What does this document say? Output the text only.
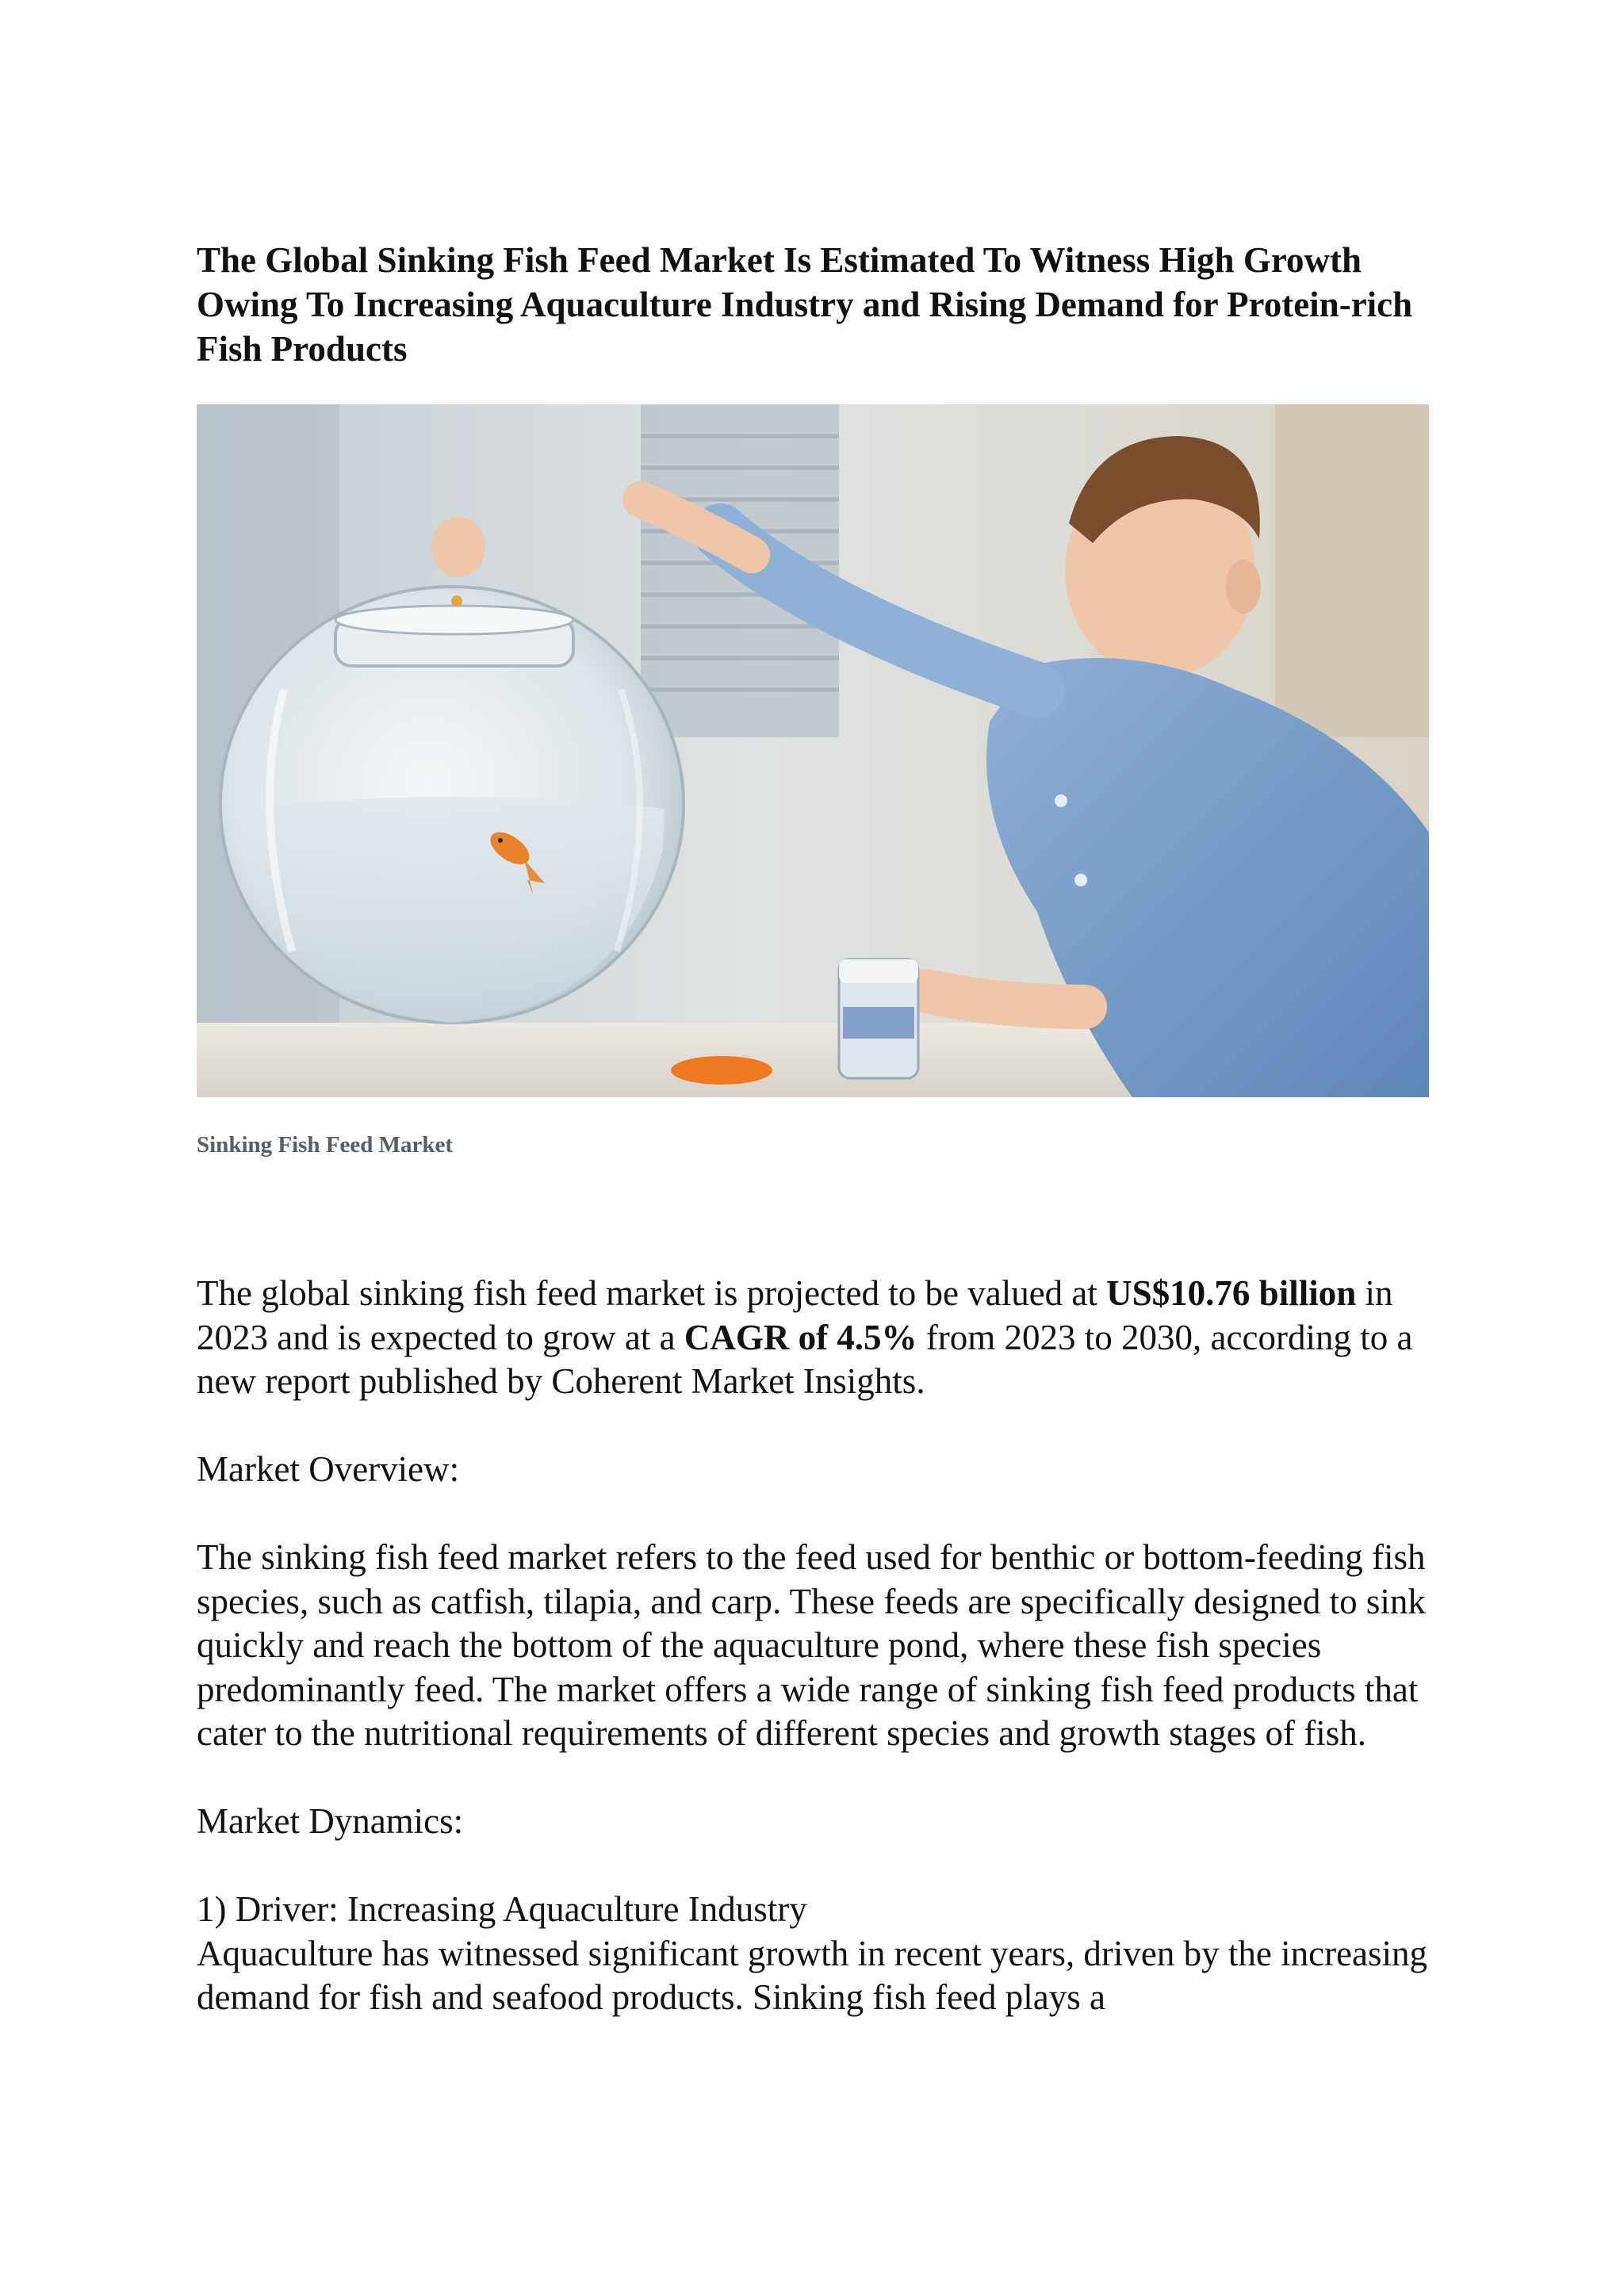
The Global Sinking Fish Feed Market Is Estimated To Witness High Growth Owing To Increasing Aquaculture Industry and Rising Demand for Protein-rich Fish Products
Sinking Fish Feed Market

The global sinking fish feed market is projected to be valued at US$10.76 billion in 2023 and is expected to grow at a CAGR of 4.5% from 2023 to 2030, according to a new report published by Coherent Market Insights.

Market Overview:

The sinking fish feed market refers to the feed used for benthic or bottom-feeding fish species, such as catfish, tilapia, and carp. These feeds are specifically designed to sink quickly and reach the bottom of the aquaculture pond, where these fish species predominantly feed. The market offers a wide range of sinking fish feed products that cater to the nutritional requirements of different species and growth stages of fish.

Market Dynamics:

1) Driver: Increasing Aquaculture Industry

Aquaculture has witnessed significant growth in recent years, driven by the increasing demand for fish and seafood products. Sinking fish feed plays a
